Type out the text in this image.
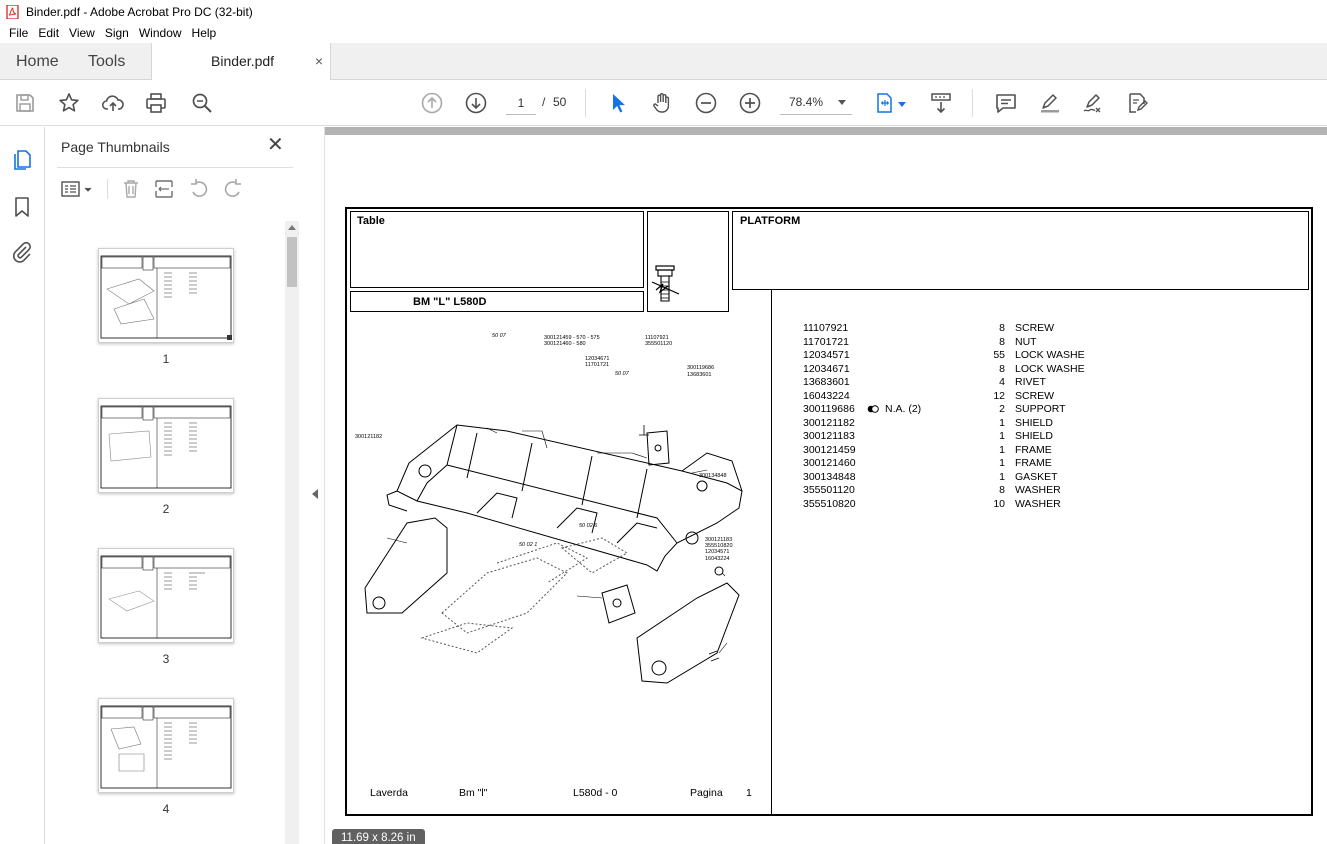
Binder.pdf - Adobe Acrobat Pro DC (32-bit)
File Edit View Sign Window Help
Home Tools	Binder.pdf	×
1
/ 50	78.4%
Page Thumbnails	✕
1
2
3
4
Table
BM "L" L580D
PLATFORM
300121459 - 570 - 575
300121460 - 580
11107921
355501120
12034671
11701721	300119686
13683601
300121182
300134848
300121183
355510820
12034571
16043224
50 07
50 07
50 02 6
50 02 1
11107921	8 SCREW
11701721	8 NUT
12034571	55 LOCK WASHE
12034671	8 LOCK WASHE
13683601	4 RIVET
16043224	12 SCREW
300119686	N.A. (2)	2 SUPPORT
300121182	1 SHIELD
300121183	1 SHIELD
300121459	1 FRAME
300121460	1 FRAME
300134848	1 GASKET
355501120	8 WASHER
355510820	10 WASHER
Laverda	Bm "l"	L580d - 0	Pagina 1
11.69 x 8.26 in
